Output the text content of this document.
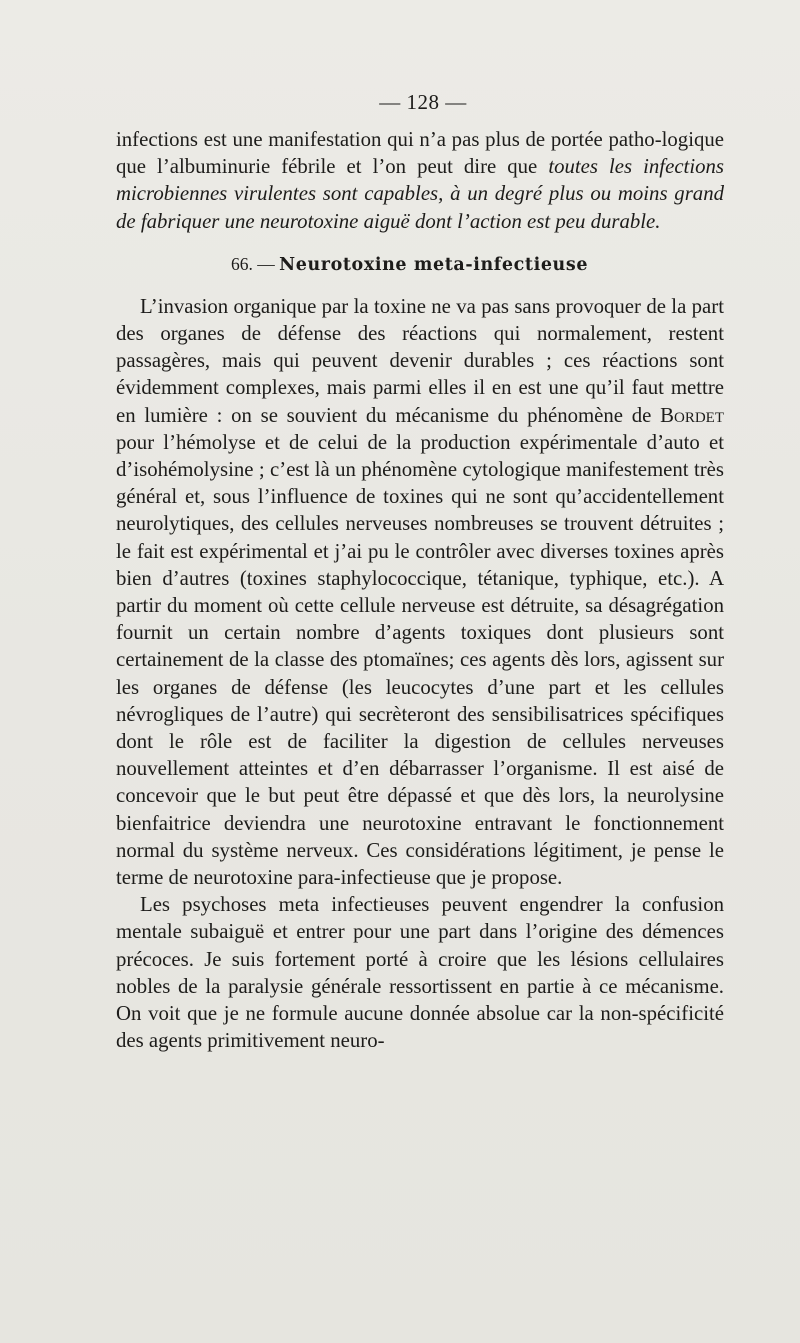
— 128 —

infections est une manifestation qui n’a pas plus de portée patho-logique que l’albuminurie fébrile et l’on peut dire que toutes les infections microbiennes virulentes sont capables, à un degré plus ou moins grand de fabriquer une neurotoxine aiguë dont l’action est peu durable.

66. — Neurotoxine meta-infectieuse

L’invasion organique par la toxine ne va pas sans provoquer de la part des organes de défense des réactions qui normalement, restent passagères, mais qui peuvent devenir durables ; ces réactions sont évidemment complexes, mais parmi elles il en est une qu’il faut mettre en lumière : on se souvient du mécanisme du phénomène de Bordet pour l’hémolyse et de celui de la production expérimentale d’auto et d’isohémolysine ; c’est là un phénomène cytologique manifestement très général et, sous l’influence de toxines qui ne sont qu’accidentellement neurolytiques, des cellules nerveuses nombreuses se trouvent détruites ; le fait est expérimental et j’ai pu le contrôler avec diverses toxines après bien d’autres (toxines staphylococcique, tétanique, typhique, etc.). A partir du moment où cette cellule nerveuse est détruite, sa désagrégation fournit un certain nombre d’agents toxiques dont plusieurs sont certainement de la classe des ptomaïnes; ces agents dès lors, agissent sur les organes de défense (les leucocytes d’une part et les cellules névrogliques de l’autre) qui secrèteront des sensibilisatrices spécifiques dont le rôle est de faciliter la digestion de cellules nerveuses nouvellement atteintes et d’en débarrasser l’organisme. Il est aisé de concevoir que le but peut être dépassé et que dès lors, la neurolysine bienfaitrice deviendra une neurotoxine entravant le fonctionnement normal du système nerveux. Ces considérations légitiment, je pense le terme de neurotoxine para-infectieuse que je propose.

Les psychoses meta infectieuses peuvent engendrer la confusion mentale subaiguë et entrer pour une part dans l’origine des démences précoces. Je suis fortement porté à croire que les lésions cellulaires nobles de la paralysie générale ressortissent en partie à ce mécanisme. On voit que je ne formule aucune donnée absolue car la non-spécificité des agents primitivement neuro-
